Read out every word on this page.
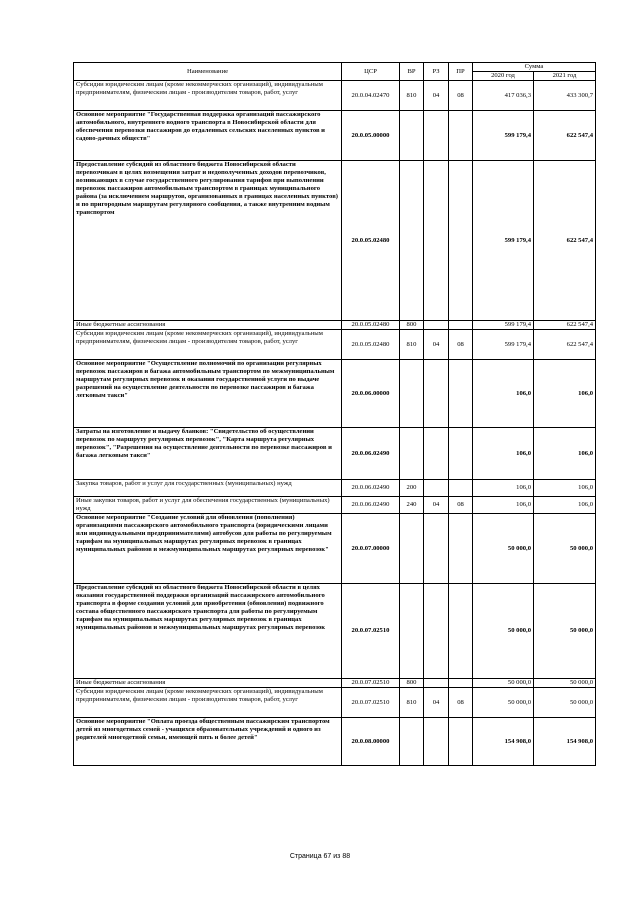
Наименование	ЦСР	ВР	РЗ	ПР	Сумма	
					2020 год	2021 год
Субсидии юридическим лицам (кроме некоммерческих организаций), индивидуальным предпринимателям, физическим лицам - производителям товаров, работ, услуг	20.0.04.02470	810	04	08	417 036,3	433 300,7
Основное мероприятие "Государственная поддержка организаций пассажирского автомобильного, внутреннего водного транспорта в Новосибирской области для обеспечения перевозки пассажиров до отдаленных сельских населенных пунктов и садово-дачных обществ"	20.0.05.00000				599 179,4	622 547,4
Предоставление субсидий из областного бюджета Новосибирской области перевозчикам в целях возмещения затрат и недополученных доходов перевозчиков, возникающих в случае государственного регулирования тарифов при выполнении перевозок пассажиров автомобильным транспортом в границах муниципального района (за исключением маршрутов, организованных в границах населенных пунктов) и по пригородным маршрутам регулярного сообщения, а также внутренним водным транспортом	20.0.05.02480				599 179,4	622 547,4
Иные бюджетные ассигнования	20.0.05.02480	800			599 179,4	622 547,4
Субсидии юридическим лицам (кроме некоммерческих организаций), индивидуальным предпринимателям, физическим лицам - производителям товаров, работ, услуг	20.0.05.02480	810	04	08	599 179,4	622 547,4
Основное мероприятие "Осуществление полномочий по организации регулярных перевозок пассажиров и багажа автомобильным транспортом по межмуниципальным маршрутам регулярных перевозок и оказания государственной услуги по выдаче разрешений на осуществление деятельности по перевозке пассажиров и багажа легковым такси"	20.0.06.00000				106,0	106,0
Затраты на изготовление и выдачу бланков: "Свидетельство об осуществлении перевозок по маршруту регулярных перевозок", "Карта маршрута регулярных перевозок", "Разрешения на осуществление деятельности по перевозке пассажиров и багажа легковым такси"	20.0.06.02490				106,0	106,0
Закупка товаров, работ и услуг для государственных (муниципальных) нужд	20.0.06.02490	200			106,0	106,0
Иные закупки товаров, работ и услуг для обеспечения государственных (муниципальных) нужд	20.0.06.02490	240	04	08	106,0	106,0
Основное мероприятие "Создание условий для обновления (пополнения) организациями пассажирского автомобильного транспорта (юридическими лицами или индивидуальными предпринимателями) автобусов для работы по регулируемым тарифам на муниципальных маршрутах регулярных перевозок в границах муниципальных районов и межмуниципальных маршрутах регулярных перевозок"	20.0.07.00000				50 000,0	50 000,0
Предоставление субсидий из областного бюджета Новосибирской области в целях оказания государственной поддержки организаций пассажирского автомобильного транспорта в форме создания условий для приобретения (обновления) подвижного состава общественного пассажирского транспорта для работы по регулируемым тарифам на муниципальных маршрутах регулярных перевозок в границах муниципальных районов и межмуниципальных маршрутах регулярных перевозок	20.0.07.02510				50 000,0	50 000,0
Иные бюджетные ассигнования	20.0.07.02510	800			50 000,0	50 000,0
Субсидии юридическим лицам (кроме некоммерческих организаций), индивидуальным предпринимателям, физическим лицам - производителям товаров, работ, услуг	20.0.07.02510	810	04	08	50 000,0	50 000,0
Основное мероприятие "Оплата проезда общественным пассажирским транспортом детей из многодетных семей - учащихся образовательных учреждений и одного из родителей многодетной семьи, имеющей пять и более детей"	20.0.08.00000				154 908,0	154 908,0
Страница 67 из 88
